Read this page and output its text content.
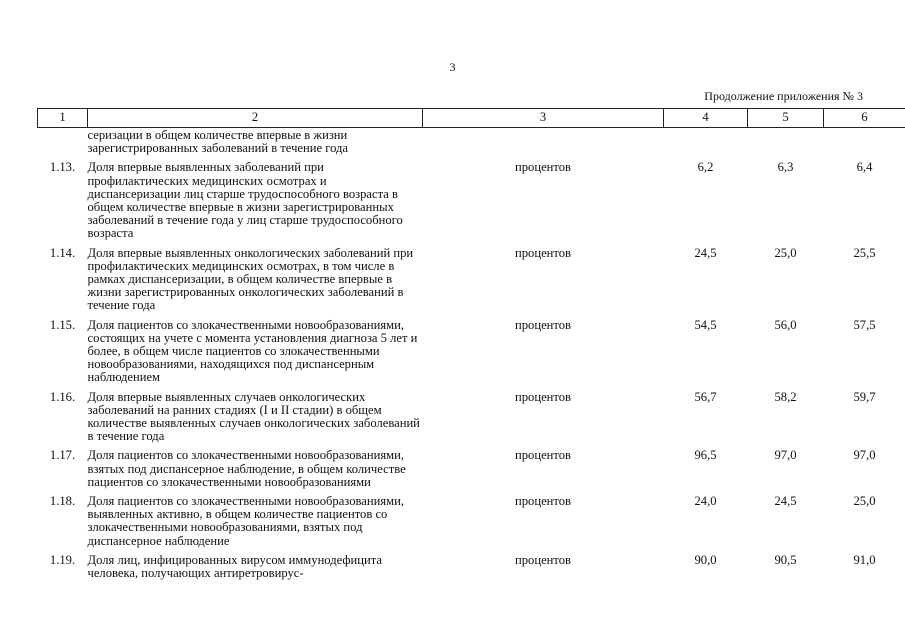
3
Продолжение приложения № 3
1	2	3	4	5	6
	серизации в общем количестве впервые в жизни зарегистрированных заболеваний в течение года				
1.13.	Доля впервые выявленных заболеваний при профилактических медицинских осмотрах и диспансеризации лиц старше трудоспособного возраста в общем количестве впервые в жизни зарегистрированных заболеваний в течение года у лиц старше трудоспособного возраста	процентов	6,2	6,3	6,4
1.14.	Доля впервые выявленных онкологических заболеваний при профилактических медицинских осмотрах, в том числе в рамках диспансеризации, в общем количестве впервые в жизни зарегистрированных онкологических заболеваний в течение года	процентов	24,5	25,0	25,5
1.15.	Доля пациентов со злокачественными новообразованиями, состоящих на учете с момента установления диагноза 5 лет и более, в общем числе пациентов со злокачественными новообразованиями, находящихся под диспансерным наблюдением	процентов	54,5	56,0	57,5
1.16.	Доля впервые выявленных случаев онкологических заболеваний на ранних стадиях (I и II стадии) в общем количестве выявленных случаев онкологических заболеваний в течение года	процентов	56,7	58,2	59,7
1.17.	Доля пациентов со злокачественными новообразованиями, взятых под диспансерное наблюдение, в общем количестве пациентов со злокачественными новообразованиями	процентов	96,5	97,0	97,0
1.18.	Доля пациентов со злокачественными новообразованиями, выявленных активно, в общем количестве пациентов со злокачественными новообразованиями, взятых под диспансерное наблюдение	процентов	24,0	24,5	25,0
1.19.	Доля лиц, инфицированных вирусом иммунодефицита человека, получающих антиретровирус-	процентов	90,0	90,5	91,0
